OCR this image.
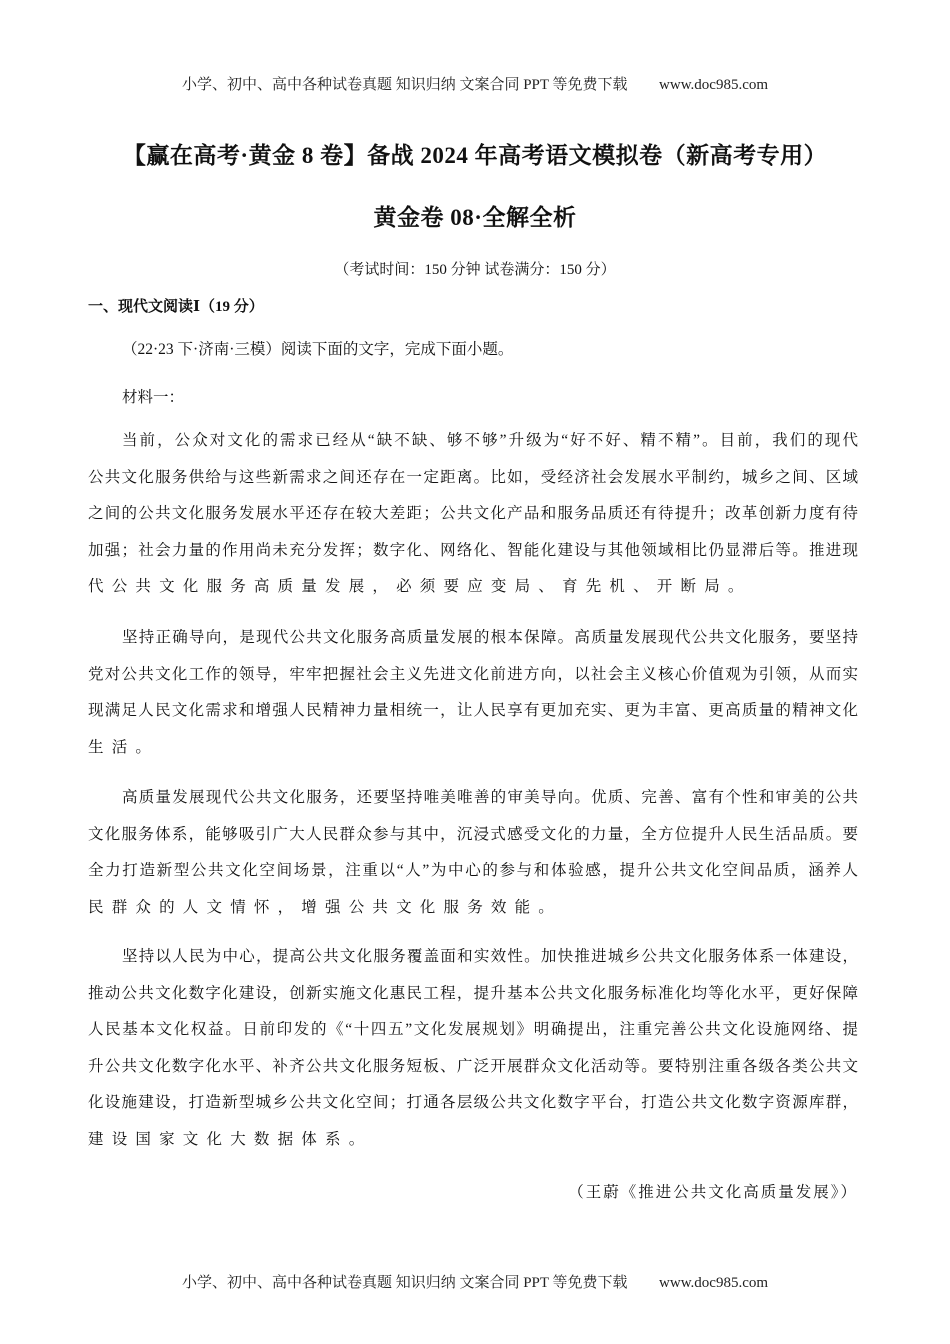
小学、初中、高中各种试卷真题 知识归纳 文案合同 PPT 等免费下载 www.doc985.com
【赢在高考·黄金 8 卷】备战 2024 年高考语文模拟卷（新高考专用）
黄金卷 08·全解全析
（考试时间：150 分钟 试卷满分：150 分）
一、现代文阅读Ⅰ（19 分）
（22·23 下·济南·三模）阅读下面的文字，完成下面小题。
材料一：
当前，公众对文化的需求已经从“缺不缺、够不够”升级为“好不好、精不精”。目前，我们的现代
公共文化服务供给与这些新需求之间还存在一定距离。比如，受经济社会发展水平制约，城乡之间、区域
之间的公共文化服务发展水平还存在较大差距；公共文化产品和服务品质还有待提升；改革创新力度有待
加强；社会力量的作用尚未充分发挥；数字化、网络化、智能化建设与其他领域相比仍显滞后等。推进现
代公共文化服务高质量发展，必须要应变局、育先机、开断局。
坚持正确导向，是现代公共文化服务高质量发展的根本保障。高质量发展现代公共文化服务，要坚持
党对公共文化工作的领导，牢牢把握社会主义先进文化前进方向，以社会主义核心价值观为引领，从而实
现满足人民文化需求和增强人民精神力量相统一，让人民享有更加充实、更为丰富、更高质量的精神文化
生活。
高质量发展现代公共文化服务，还要坚持唯美唯善的审美导向。优质、完善、富有个性和审美的公共
文化服务体系，能够吸引广大人民群众参与其中，沉浸式感受文化的力量，全方位提升人民生活品质。要
全力打造新型公共文化空间场景，注重以“人”为中心的参与和体验感，提升公共文化空间品质，涵养人
民群众的人文情怀，增强公共文化服务效能。
坚持以人民为中心，提高公共文化服务覆盖面和实效性。加快推进城乡公共文化服务体系一体建设，
推动公共文化数字化建设，创新实施文化惠民工程，提升基本公共文化服务标准化均等化水平，更好保障
人民基本文化权益。日前印发的《“十四五”文化发展规划》明确提出，注重完善公共文化设施网络、提
升公共文化数字化水平、补齐公共文化服务短板、广泛开展群众文化活动等。要特别注重各级各类公共文
化设施建设，打造新型城乡公共文化空间；打通各层级公共文化数字平台，打造公共文化数字资源库群，
建设国家文化大数据体系。
（王蔚《推进公共文化高质量发展》）
小学、初中、高中各种试卷真题 知识归纳 文案合同 PPT 等免费下载 www.doc985.com
